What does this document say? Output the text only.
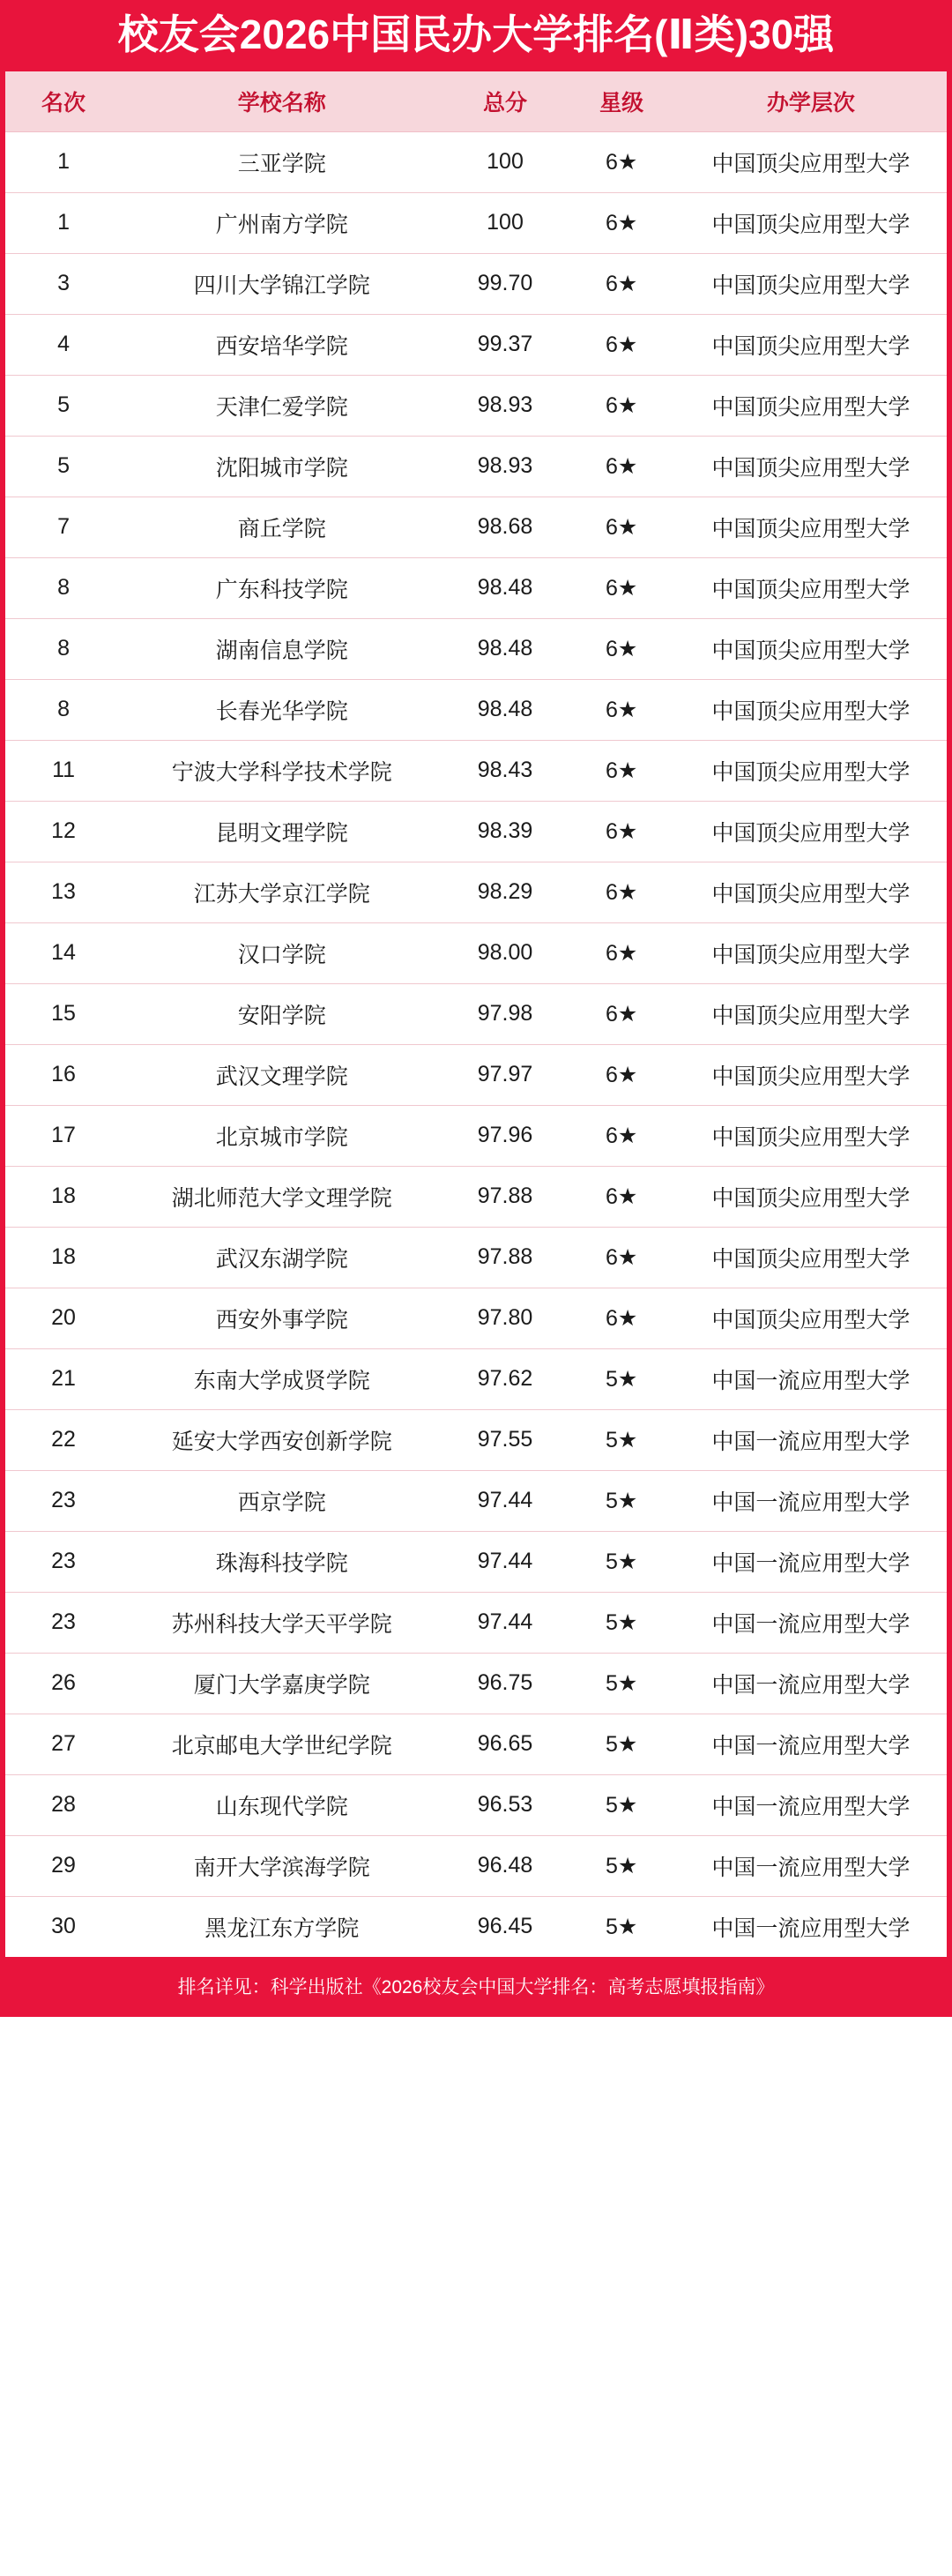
校友会2026中国民办大学排名(Ⅱ类)30强
名次	学校名称	总分	星级	办学层次
1	三亚学院	100	6★	中国顶尖应用型大学
1	广州南方学院	100	6★	中国顶尖应用型大学
3	四川大学锦江学院	99.70	6★	中国顶尖应用型大学
4	西安培华学院	99.37	6★	中国顶尖应用型大学
5	天津仁爱学院	98.93	6★	中国顶尖应用型大学
5	沈阳城市学院	98.93	6★	中国顶尖应用型大学
7	商丘学院	98.68	6★	中国顶尖应用型大学
8	广东科技学院	98.48	6★	中国顶尖应用型大学
8	湖南信息学院	98.48	6★	中国顶尖应用型大学
8	长春光华学院	98.48	6★	中国顶尖应用型大学
11	宁波大学科学技术学院	98.43	6★	中国顶尖应用型大学
12	昆明文理学院	98.39	6★	中国顶尖应用型大学
13	江苏大学京江学院	98.29	6★	中国顶尖应用型大学
14	汉口学院	98.00	6★	中国顶尖应用型大学
15	安阳学院	97.98	6★	中国顶尖应用型大学
16	武汉文理学院	97.97	6★	中国顶尖应用型大学
17	北京城市学院	97.96	6★	中国顶尖应用型大学
18	湖北师范大学文理学院	97.88	6★	中国顶尖应用型大学
18	武汉东湖学院	97.88	6★	中国顶尖应用型大学
20	西安外事学院	97.80	6★	中国顶尖应用型大学
21	东南大学成贤学院	97.62	5★	中国一流应用型大学
22	延安大学西安创新学院	97.55	5★	中国一流应用型大学
23	西京学院	97.44	5★	中国一流应用型大学
23	珠海科技学院	97.44	5★	中国一流应用型大学
23	苏州科技大学天平学院	97.44	5★	中国一流应用型大学
26	厦门大学嘉庚学院	96.75	5★	中国一流应用型大学
27	北京邮电大学世纪学院	96.65	5★	中国一流应用型大学
28	山东现代学院	96.53	5★	中国一流应用型大学
29	南开大学滨海学院	96.48	5★	中国一流应用型大学
30	黑龙江东方学院	96.45	5★	中国一流应用型大学
排名详见：科学出版社《2026校友会中国大学排名：高考志愿填报指南》
